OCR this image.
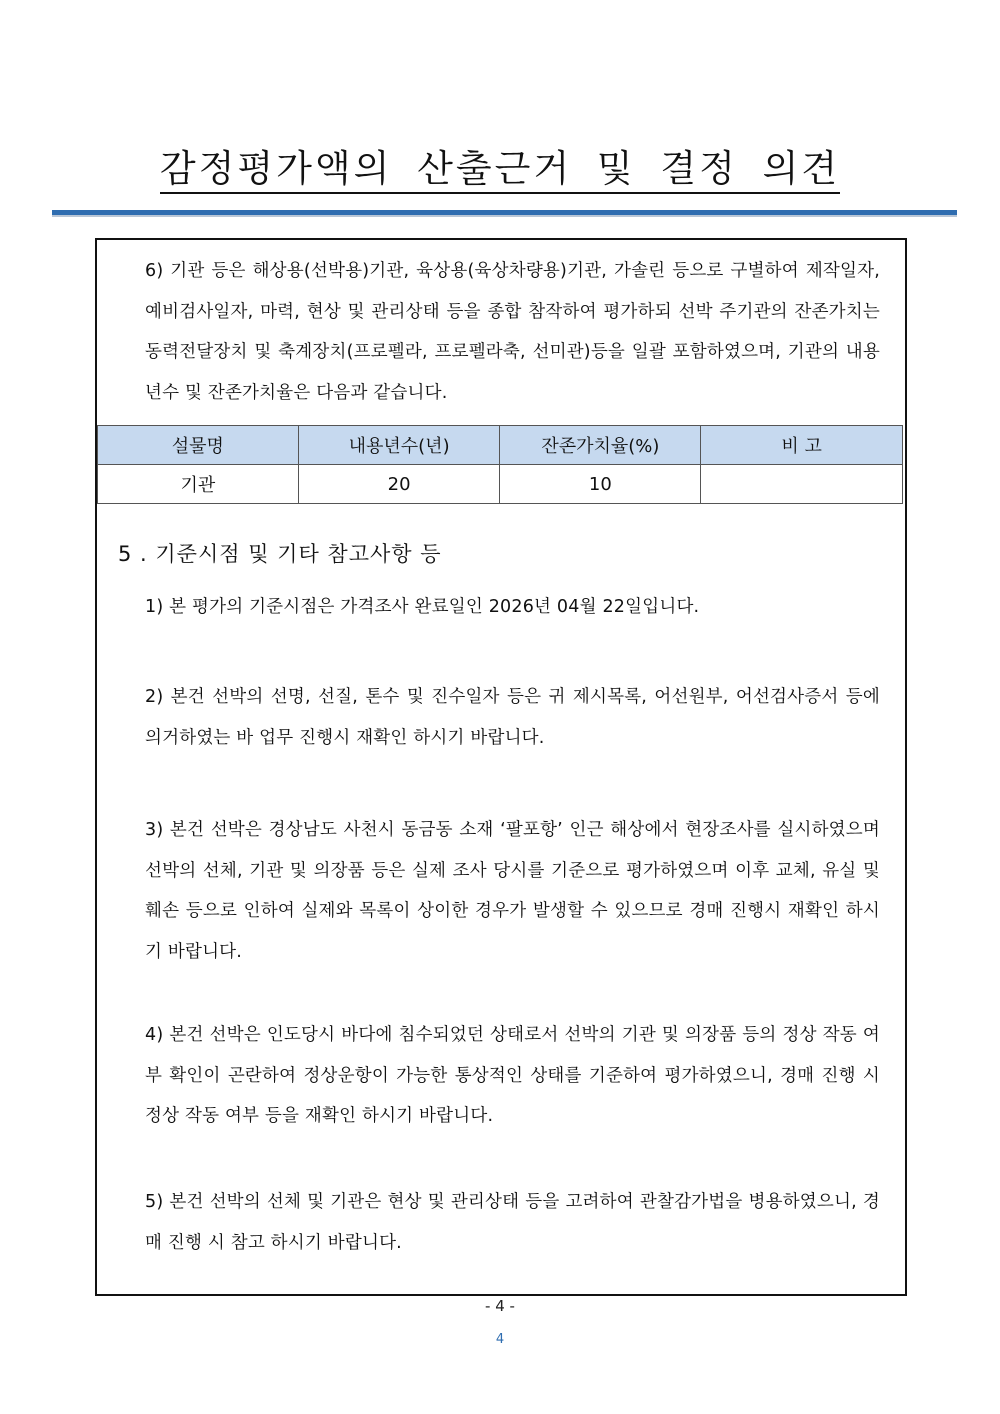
감정평가액의 산출근거 및 결정 의견
6) 기관 등은 해상용(선박용)기관, 육상용(육상차량용)기관, 가솔린 등으로 구별하여 제작일자, 예비검사일자, 마력, 현상 및 관리상태 등을 종합 참작하여 평가하되 선박 주기관의 잔존가치는 동력전달장치 및 축계장치(프로펠라, 프로펠라축, 선미관)등을 일괄 포함하였으며, 기관의 내용 년수 및 잔존가치율은 다음과 같습니다.
설물명	내용년수(년)	잔존가치율(%)	비 고
기관	20	10	
5 . 기준시점 및 기타 참고사항 등
1) 본 평가의 기준시점은 가격조사 완료일인 2026년 04월 22일입니다.
2) 본건 선박의 선명, 선질, 톤수 및 진수일자 등은 귀 제시목록, 어선원부, 어선검사증서 등에 의거하였는 바 업무 진행시 재확인 하시기 바랍니다.
3) 본건 선박은 경상남도 사천시 동금동 소재 ‘팔포항’ 인근 해상에서 현장조사를 실시하였으며 선박의 선체, 기관 및 의장품 등은 실제 조사 당시를 기준으로 평가하였으며 이후 교체, 유실 및 훼손 등으로 인하여 실제와 목록이 상이한 경우가 발생할 수 있으므로 경매 진행시 재확인 하시기 바랍니다.
4) 본건 선박은 인도당시 바다에 침수되었던 상태로서 선박의 기관 및 의장품 등의 정상 작동 여부 확인이 곤란하여 정상운항이 가능한 통상적인 상태를 기준하여 평가하였으니, 경매 진행 시 정상 작동 여부 등을 재확인 하시기 바랍니다.
5) 본건 선박의 선체 및 기관은 현상 및 관리상태 등을 고려하여 관찰감가법을 병용하였으니, 경매 진행 시 참고 하시기 바랍니다.
- 4 -
4
